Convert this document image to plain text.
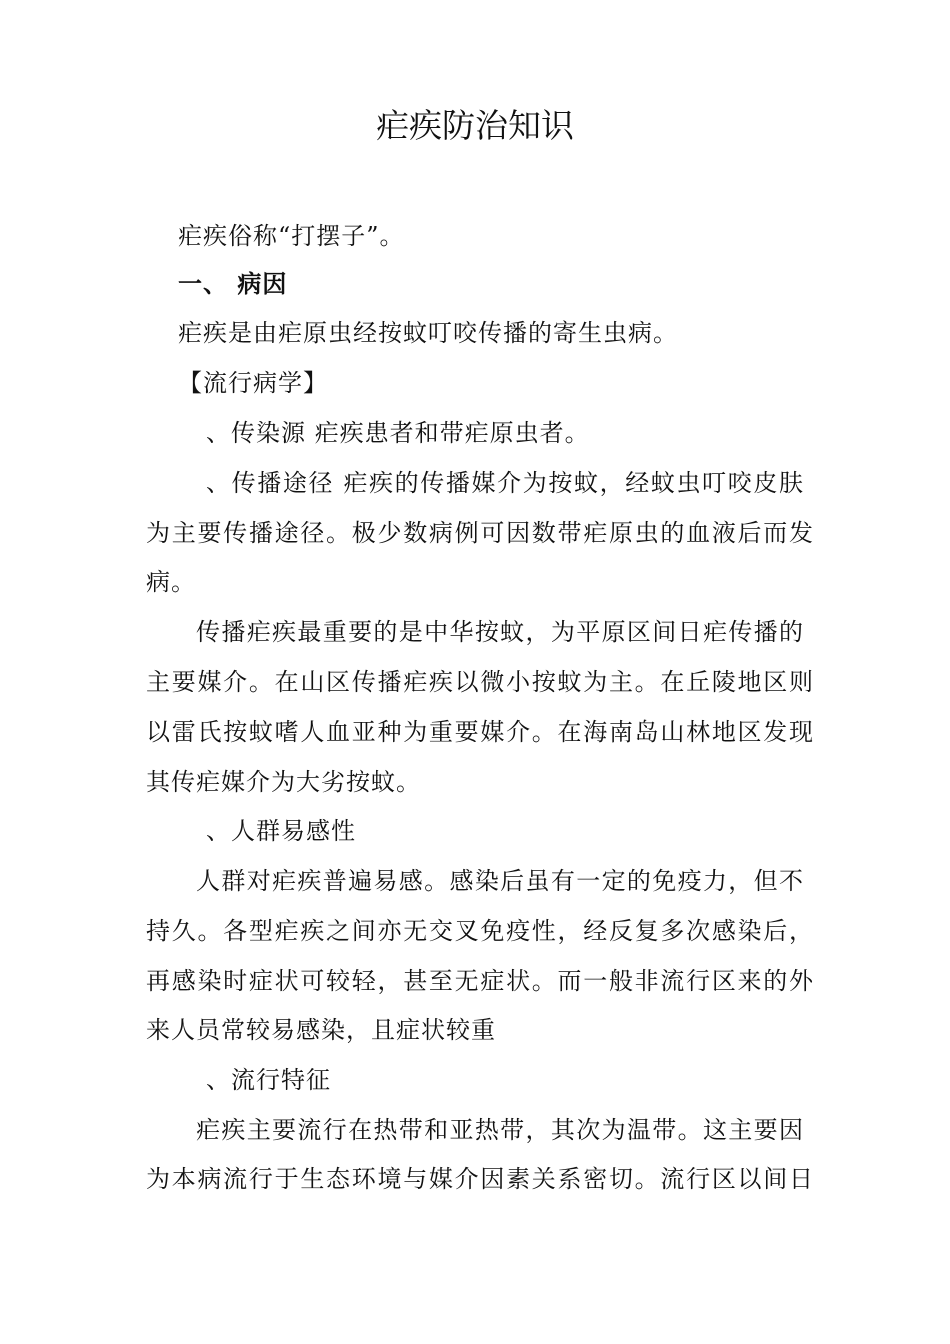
疟疾防治知识
疟疾俗称“打摆子”。
一、 病因
疟疾是由疟原虫经按蚊叮咬传播的寄生虫病。
【流行病学】
、传染源 疟疾患者和带疟原虫者。
、传播途径 疟疾的传播媒介为按蚊，经蚊虫叮咬皮肤
为主要传播途径。极少数病例可因数带疟原虫的血液后而发
病。
传播疟疾最重要的是中华按蚊，为平原区间日疟传播的
主要媒介。在山区传播疟疾以微小按蚊为主。在丘陵地区则
以雷氏按蚊嗜人血亚种为重要媒介。在海南岛山林地区发现
其传疟媒介为大劣按蚊。
、人群易感性
人群对疟疾普遍易感。感染后虽有一定的免疫力，但不
持久。各型疟疾之间亦无交叉免疫性，经反复多次感染后，
再感染时症状可较轻，甚至无症状。而一般非流行区来的外
来人员常较易感染，且症状较重
、流行特征
疟疾主要流行在热带和亚热带，其次为温带。这主要因
为本病流行于生态环境与媒介因素关系密切。流行区以间日
